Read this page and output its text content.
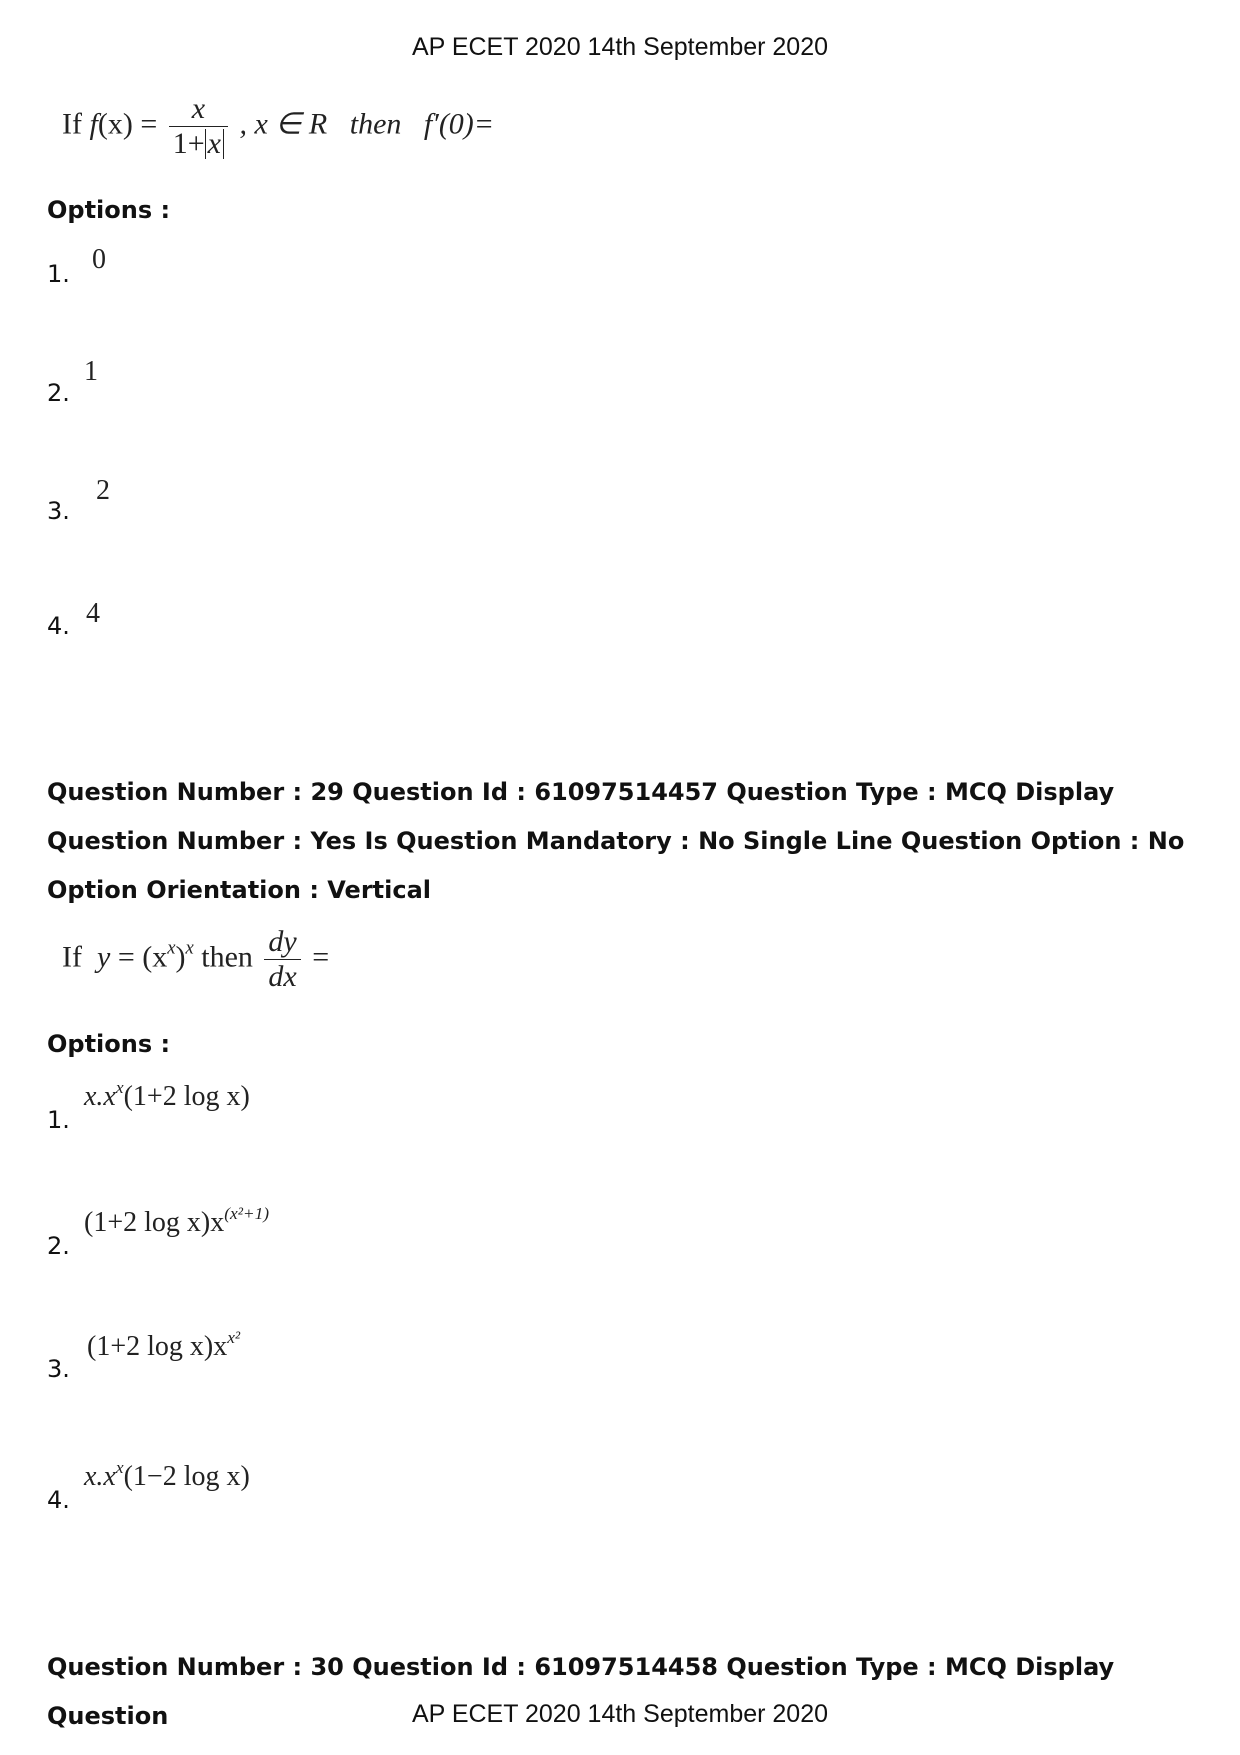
AP ECET 2020 14th September 2020
If $f(x) = \frac{x}{1+ x}$ , x ∈ R then f′(0)=
Options :
1. 0
2.
1
3.
2
4. 4
Question Number : 29 Question Id : 61097514457 Question Type : MCQ Display Question Number : Yes Is Question Mandatory : No Single Line Question Option : No Option Orientation : Vertical
If $y = (x^x)^x$ then $\frac{dy}{dx}$ =
Options :
1.
$x.x^x(1+2$ log x)
2.
(1+2 $\log x)x^{(x^2+1)}$
3.
(1+2 $\log x)x^{x^2}$
4.
$x.x^x(1-2$ log x)
Question Number : 30 Question Id : 61097514458 Question Type : MCQ Display Question	AP ECET 2020 14th September 2020
